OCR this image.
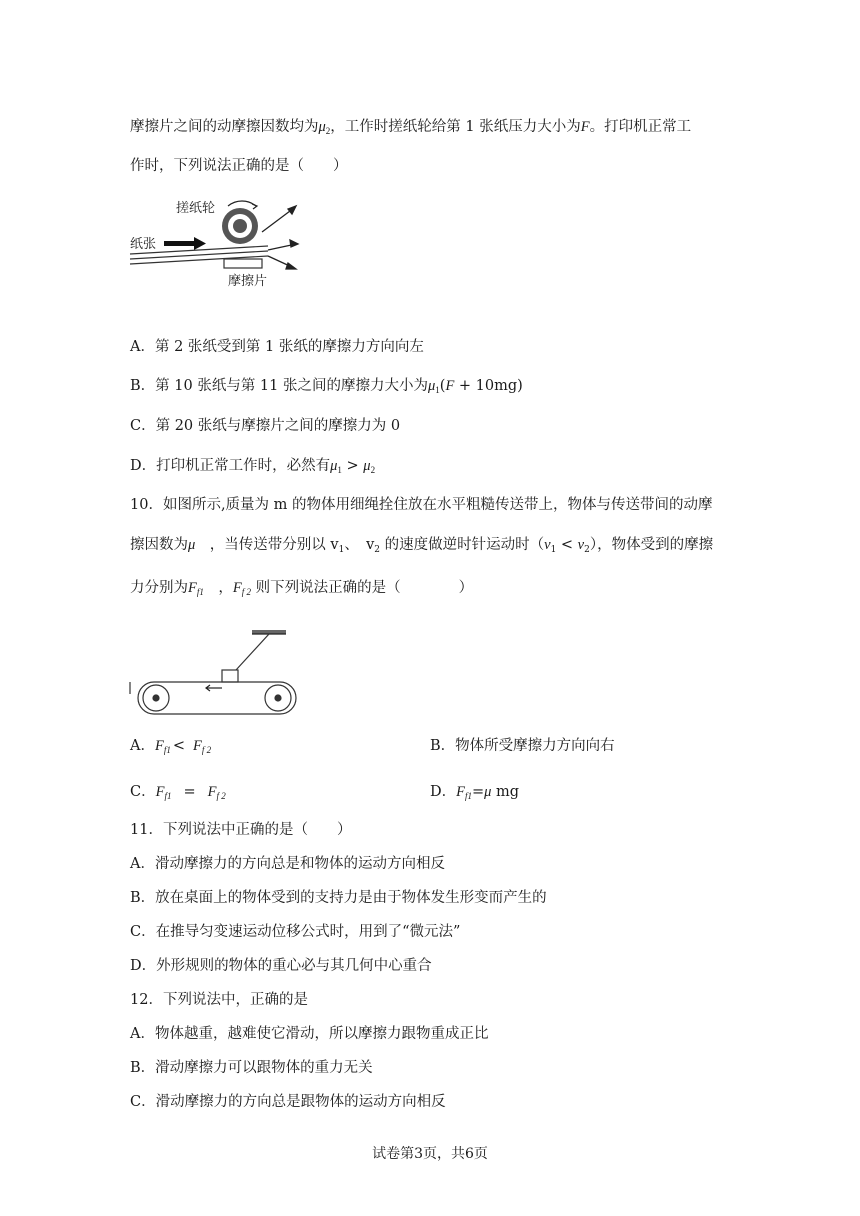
摩擦片之间的动摩擦因数均为$\mu_2$，工作时搓纸轮给第 1 张纸压力大小为F。打印机正常工
作时，下列说法正确的是（　　）
搓纸轮
纸张
摩擦片
A．第 2 张纸受到第 1 张纸的摩擦力方向向左
B．第 10 张纸与第 11 张之间的摩擦力大小为$\mu_1(F + 10mg)$
C．第 20 张纸与摩擦片之间的摩擦力为 0
D．打印机正常工作时，必然有$\mu_1 > \mu_2$
10．如图所示,质量为 m 的物体用细绳拴住放在水平粗糙传送带上，物体与传送带间的动摩
擦因数为μ　，当传送带分别以 $v_1$、　$v_2$ 的速度做逆时针运动时$(v_1 < v_2)$，物体受到的摩擦
力分别为$F_{f1}$　，$F_{f 2}$ 则下列说法正确的是（　　　　）
A．$F_{f1} < F_{f 2}$	B．物体所受摩擦力方向向右
C．$F_{f1} = F_{f 2}$	D．$F_{f1}=\mu$ mg
11．下列说法中正确的是（　　）
A．滑动摩擦力的方向总是和物体的运动方向相反
B．放在桌面上的物体受到的支持力是由于物体发生形变而产生的
C．在推导匀变速运动位移公式时，用到了“微元法”
D．外形规则的物体的重心必与其几何中心重合
12．下列说法中，正确的是
A．物体越重，越难使它滑动，所以摩擦力跟物重成正比
B．滑动摩擦力可以跟物体的重力无关
C．滑动摩擦力的方向总是跟物体的运动方向相反
试卷第3页，共6页
